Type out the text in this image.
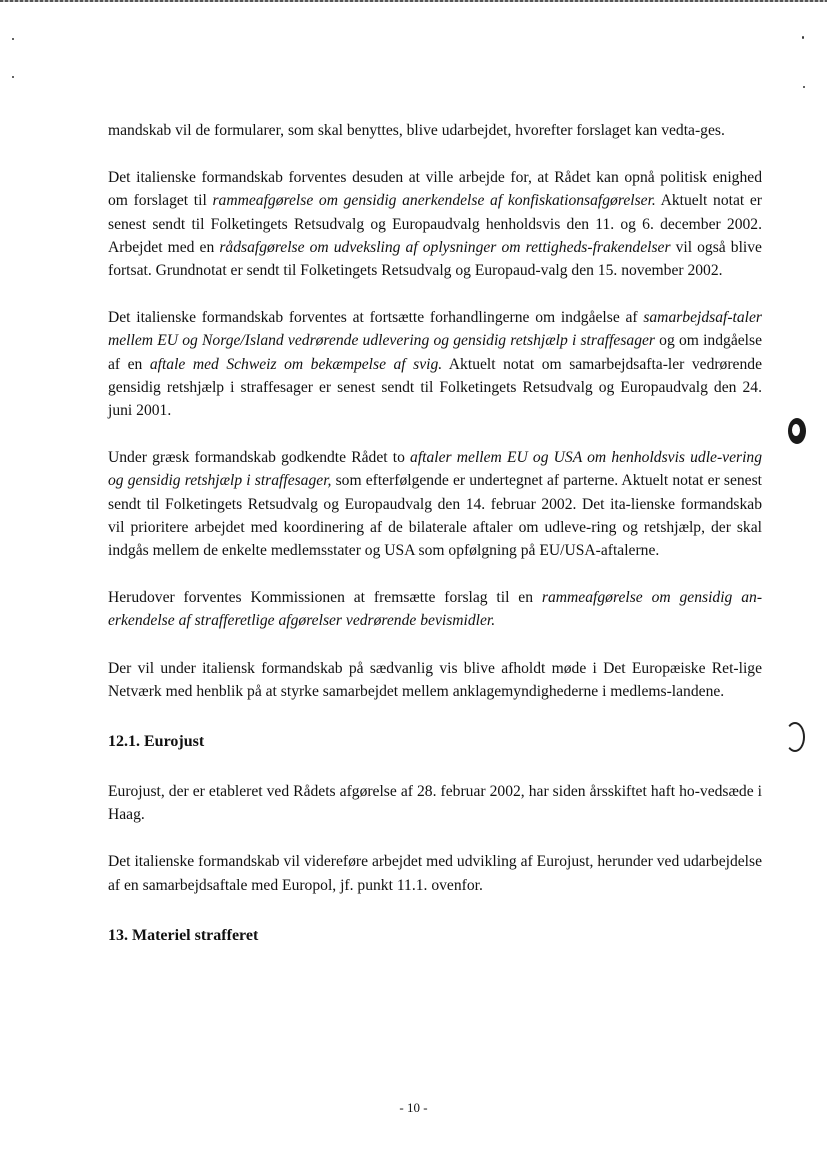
mandskab vil de formularer, som skal benyttes, blive udarbejdet, hvorefter forslaget kan vedta-ges.

Det italienske formandskab forventes desuden at ville arbejde for, at Rådet kan opnå politisk enighed om forslaget til rammeafgørelse om gensidig anerkendelse af konfiskationsafgørelser. Aktuelt notat er senest sendt til Folketingets Retsudvalg og Europaudvalg henholdsvis den 11. og 6. december 2002. Arbejdet med en rådsafgørelse om udveksling af oplysninger om rettigheds-frakendelser vil også blive fortsat. Grundnotat er sendt til Folketingets Retsudvalg og Europaud-valg den 15. november 2002.

Det italienske formandskab forventes at fortsætte forhandlingerne om indgåelse af samarbejdsaf-taler mellem EU og Norge/Island vedrørende udlevering og gensidig retshjælp i straffesager og om indgåelse af en aftale med Schweiz om bekæmpelse af svig. Aktuelt notat om samarbejdsafta-ler vedrørende gensidig retshjælp i straffesager er senest sendt til Folketingets Retsudvalg og Europaudvalg den 24. juni 2001.

Under græsk formandskab godkendte Rådet to aftaler mellem EU og USA om henholdsvis udle-vering og gensidig retshjælp i straffesager, som efterfølgende er undertegnet af parterne. Aktuelt notat er senest sendt til Folketingets Retsudvalg og Europaudvalg den 14. februar 2002. Det ita-lienske formandskab vil prioritere arbejdet med koordinering af de bilaterale aftaler om udleve-ring og retshjælp, der skal indgås mellem de enkelte medlemsstater og USA som opfølgning på EU/USA-aftalerne.

Herudover forventes Kommissionen at fremsætte forslag til en rammeafgørelse om gensidig an-erkendelse af strafferetlige afgørelser vedrørende bevismidler.

Der vil under italiensk formandskab på sædvanlig vis blive afholdt møde i Det Europæiske Ret-lige Netværk med henblik på at styrke samarbejdet mellem anklagemyndighederne i medlems-landene.

12.1. Eurojust

Eurojust, der er etableret ved Rådets afgørelse af 28. februar 2002, har siden årsskiftet haft ho-vedsæde i Haag.

Det italienske formandskab vil videreføre arbejdet med udvikling af Eurojust, herunder ved udarbejdelse af en samarbejdsaftale med Europol, jf. punkt 11.1. ovenfor.

13. Materiel strafferet
- 10 -
